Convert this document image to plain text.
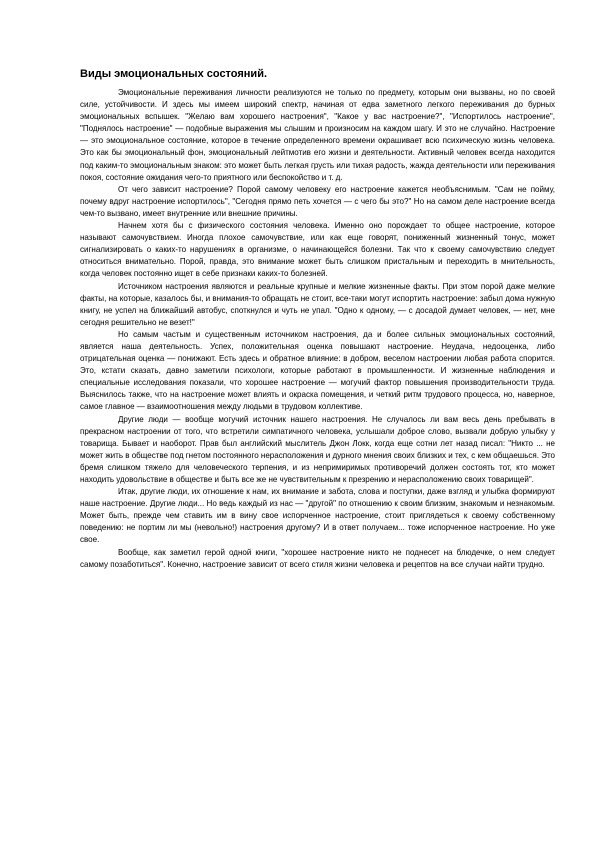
Виды эмоциональных состояний.

Эмоциональные переживания личности реализуются не только по предмету, которым они вызваны, но по своей силе, устойчивости. И здесь мы имеем широкий спектр, начиная от едва заметного легкого переживания до бурных эмоциональных вспышек. "Желаю вам хорошего настроения", "Какое у вас настроение?", "Испортилось настроение", "Поднялось настроение" — подобные выражения мы слышим и произносим на каждом шагу. И это не случайно. Настроение — это эмоциональное состояние, которое в течение определенного времени окрашивает всю психическую жизнь человека. Это как бы эмоциональный фон, эмоциональный лейтмотив его жизни и деятельности. Активный человек всегда находится под каким-то эмоциональным знаком: это может быть легкая грусть или тихая радость, жажда деятельности или переживания покоя, состояние ожидания чего-то приятного или беспокойство и т. д.

От чего зависит настроение? Порой самому человеку его настроение кажется необъяснимым. "Сам не пойму, почему вдруг настроение испортилось", "Сегодня прямо петь хочется — с чего бы это?" Но на самом деле настроение всегда чем-то вызвано, имеет внутренние или внешние причины.

Начнем хотя бы с физического состояния человека. Именно оно порождает то общее настроение, которое называют самочувствием. Иногда плохое самочувствие, или как еще говорят, пониженный жизненный тонус, может сигнализировать о каких-то нарушениях в организме, о начинающейся болезни. Так что к своему самочувствию следует относиться внимательно. Порой, правда, это внимание может быть слишком пристальным и переходить в мнительность, когда человек постоянно ищет в себе признаки каких-то болезней.

Источником настроения являются и реальные крупные и мелкие жизненные факты. При этом порой даже мелкие факты, на которые, казалось бы, и внимания-то обращать не стоит, все-таки могут испортить настроение: забыл дома нужную книгу, не успел на ближайший автобус, споткнулся и чуть не упал. "Одно к одному, — с досадой думает человек, — нет, мне сегодня решительно не везет!"

Но самым частым и существенным источником настроения, да и более сильных эмоциональных состояний, является наша деятельность. Успех, положительная оценка повышают настроение. Неудача, недооценка, либо отрицательная оценка — понижают. Есть здесь и обратное влияние: в добром, веселом настроении любая работа спорится. Это, кстати сказать, давно заметили психологи, которые работают в промышленности. И жизненные наблюдения и специальные исследования показали, что хорошее настроение — могучий фактор повышения производительности труда. Выяснилось также, что на настроение может влиять и окраска помещения, и четкий ритм трудового процесса, но, наверное, самое главное — взаимоотношения между людьми в трудовом коллективе.

Другие люди — вообще могучий источник нашего настроения. Не случалось ли вам весь день пребывать в прекрасном настроении от того, что встретили симпатичного человека, услышали доброе слово, вызвали добрую улыбку у товарища. Бывает и наоборот. Прав был английский мыслитель Джон Локк, когда еще сотни лет назад писал: "Никто ... не может жить в обществе под гнетом постоянного нерасположения и дурного мнения своих близких и тех, с кем общаешься. Это бремя слишком тяжело для человеческого терпения, и из непримиримых противоречий должен состоять тот, кто может находить удовольствие в обществе и быть все же не чувствительным к презрению и нерасположению своих товарищей".

Итак, другие люди, их отношение к нам, их внимание и забота, слова и поступки, даже взгляд и улыбка формируют наше настроение. Другие люди... Но ведь каждый из нас — "другой" по отношению к своим близким, знакомым и незнакомым. Может быть, прежде чем ставить им в вину свое испорченное настроение, стоит приглядеться к своему собственному поведению: не портим ли мы (невольно!) настроения другому? И в ответ получаем... тоже испорченное настроение. Но уже свое.

Вообще, как заметил герой одной книги, "хорошее настроение никто не поднесет на блюдечке, о нем следует самому позаботиться". Конечно, настроение зависит от всего стиля жизни человека и рецептов на все случаи найти трудно.
